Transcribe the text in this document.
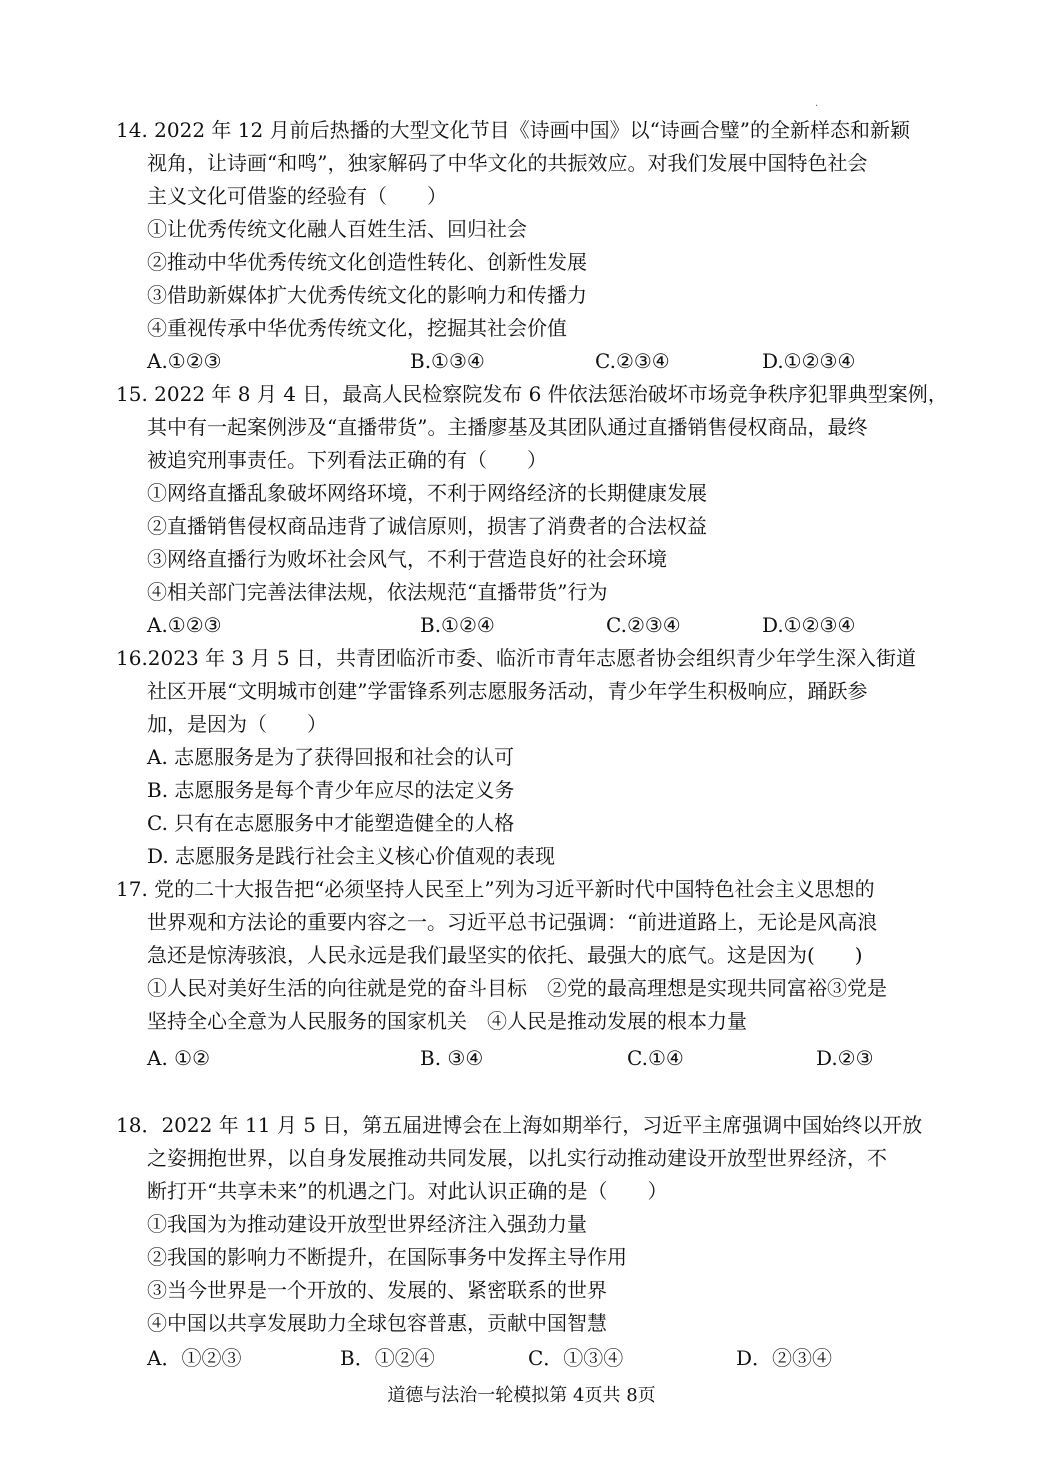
.
14. 2022 年 12 月前后热播的大型文化节目《诗画中国》以“诗画合璧”的全新样态和新颖
视角，让诗画“和鸣”，独家解码了中华文化的共振效应。对我们发展中国特色社会
主义文化可借鉴的经验有（　　）
①让优秀传统文化融人百姓生活、回归社会
②推动中华优秀传统文化创造性转化、创新性发展
③借助新媒体扩大优秀传统文化的影响力和传播力
④重视传承中华优秀传统文化，挖掘其社会价值
A.①②③	B.①③④	C.②③④	D.①②③④
15. 2022 年 8 月 4 日，最高人民检察院发布 6 件依法惩治破坏市场竞争秩序犯罪典型案例，
其中有一起案例涉及“直播带货”。主播廖基及其团队通过直播销售侵权商品，最终
被追究刑事责任。下列看法正确的有（　　）
①网络直播乱象破坏网络环境，不利于网络经济的长期健康发展
②直播销售侵权商品违背了诚信原则，损害了消费者的合法权益
③网络直播行为败坏社会风气，不利于营造良好的社会环境
④相关部门完善法律法规，依法规范“直播带货”行为
A.①②③	B.①②④	C.②③④	D.①②③④
16.2023 年 3 月 5 日，共青团临沂市委、临沂市青年志愿者协会组织青少年学生深入街道
社区开展“文明城市创建”学雷锋系列志愿服务活动，青少年学生积极响应，踊跃参
加，是因为（　　）
A. 志愿服务是为了获得回报和社会的认可
B. 志愿服务是每个青少年应尽的法定义务
C. 只有在志愿服务中才能塑造健全的人格
D. 志愿服务是践行社会主义核心价值观的表现
17. 党的二十大报告把“必须坚持人民至上”列为习近平新时代中国特色社会主义思想的
世界观和方法论的重要内容之一。习近平总书记强调：“前进道路上，无论是风高浪
急还是惊涛骇浪，人民永远是我们最坚实的依托、最强大的底气。这是因为(　　)
①人民对美好生活的向往就是党的奋斗目标　②党的最高理想是实现共同富裕③党是
坚持全心全意为人民服务的国家机关　④人民是推动发展的根本力量
A. ①②	B. ③④	C.①④	D.②③
18．2022 年 11 月 5 日，第五届进博会在上海如期举行，习近平主席强调中国始终以开放
之姿拥抱世界，以自身发展推动共同发展，以扎实行动推动建设开放型世界经济，不
断打开“共享未来”的机遇之门。对此认识正确的是（　　）
①我国为为推动建设开放型世界经济注入强劲力量
②我国的影响力不断提升，在国际事务中发挥主导作用
③当今世界是一个开放的、发展的、紧密联系的世界
④中国以共享发展助力全球包容普惠，贡献中国智慧
A．①②③	B．①②④	C．①③④	D．②③④
道德与法治一轮模拟第 4页共 8页
